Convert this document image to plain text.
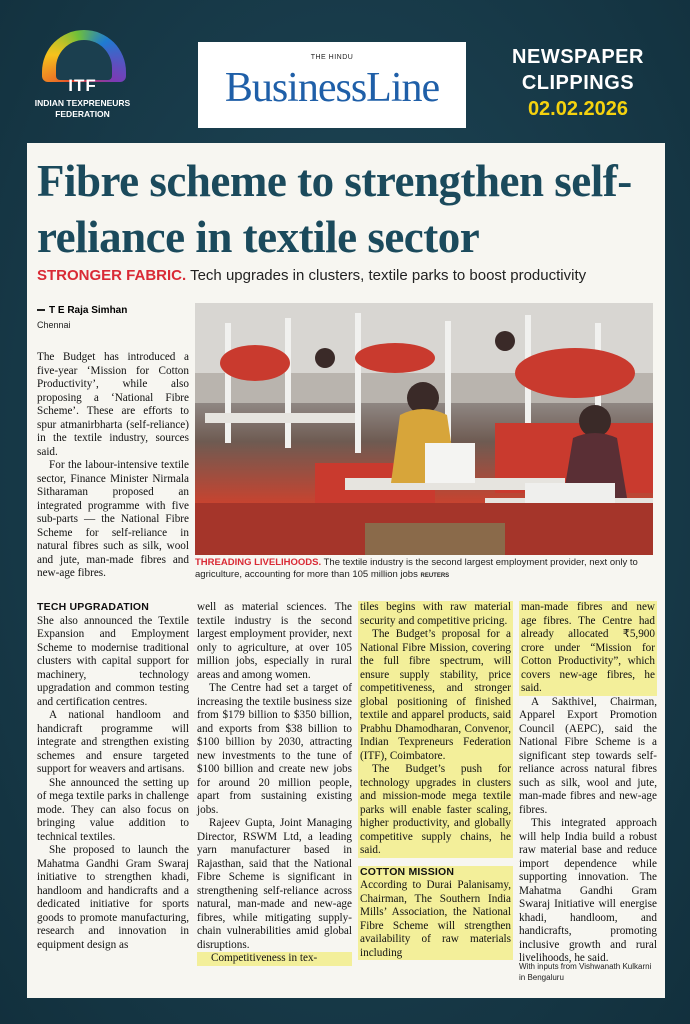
ITF
INDIAN TEXPRENEURS FEDERATION
THE HINDU
BusinessLine
NEWSPAPER CLIPPINGS
02.02.2026
Fibre scheme to strengthen self-reliance in textile sector
STRONGER FABRIC. Tech upgrades in clusters, textile parks to boost productivity
T E Raja Simhan
Chennai

The Budget has introduced a five-year ‘Mission for Cotton Productivity’, while also proposing a ‘National Fibre Scheme’. These are efforts to spur atmanirbharta (self-reliance) in the textile industry, sources said.

For the labour-intensive textile sector, Finance Minister Nirmala Sitharaman proposed an integrated programme with five sub-parts — the National Fibre Scheme for self-reliance in natural fibres such as silk, wool and jute, man-made fibres and new-age fibres.

THREADING LIVELIHOODS. The textile industry is the second largest employment provider, next only to agriculture, accounting for more than 105 million jobs REUTERS
TECH UPGRADATION

She also announced the Textile Expansion and Employment Scheme to modernise traditional clusters with capital support for machinery, technology upgradation and common testing and certification centres.

A national handloom and handicraft programme will integrate and strengthen existing schemes and ensure targeted support for weavers and artisans.

She announced the setting up of mega textile parks in challenge mode. They can also focus on bringing value addition to technical textiles.

She proposed to launch the Mahatma Gandhi Gram Swaraj initiative to strengthen khadi, handloom and handicrafts and a dedicated initiative for sports goods to promote manufacturing, research and innovation in equipment design as

well as material sciences. The textile industry is the second largest employment provider, next only to agriculture, at over 105 million jobs, especially in rural areas and among women.

The Centre had set a target of increasing the textile business size from $179 billion to $350 billion, and exports from $38 billion to $100 billion by 2030, attracting new investments to the tune of $100 billion and create new jobs for around 20 million people, apart from sustaining existing jobs.

Rajeev Gupta, Joint Managing Director, RSWM Ltd, a leading yarn manufacturer based in Rajasthan, said that the National Fibre Scheme is significant in strengthening self-reliance across natural, man-made and new-age fibres, while mitigating supply-chain vulnerabilities amid global disruptions.

Competitiveness in tex-

tiles begins with raw material security and competitive pricing.

The Budget’s proposal for a National Fibre Mission, covering the full fibre spectrum, will ensure supply stability, price competitiveness, and stronger global positioning of finished textile and apparel products, said Prabhu Dhamodharan, Convenor, Indian Texpreneurs Federation (ITF), Coimbatore.

The Budget’s push for technology upgrades in clusters and mission-mode mega textile parks will enable faster scaling, higher productivity, and globally competitive supply chains, he said.

COTTON MISSION

According to Durai Palanisamy, Chairman, The Southern India Mills’ Association, the National Fibre Scheme will strengthen availability of raw materials including

man-made fibres and new age fibres. The Centre had already allocated ₹5,900 crore under “Mission for Cotton Productivity”, which covers new-age fibres, he said.

A Sakthivel, Chairman, Apparel Export Promotion Council (AEPC), said the National Fibre Scheme is a significant step towards self-reliance across natural fibres such as silk, wool and jute, man-made fibres and new-age fibres.

This integrated approach will help India build a robust raw material base and reduce import dependence while supporting innovation. The Mahatma Gandhi Gram Swaraj Initiative will energise khadi, handloom, and handicrafts, promoting inclusive growth and rural livelihoods, he said.

With inputs from Vishwanath Kulkarni in Bengaluru
